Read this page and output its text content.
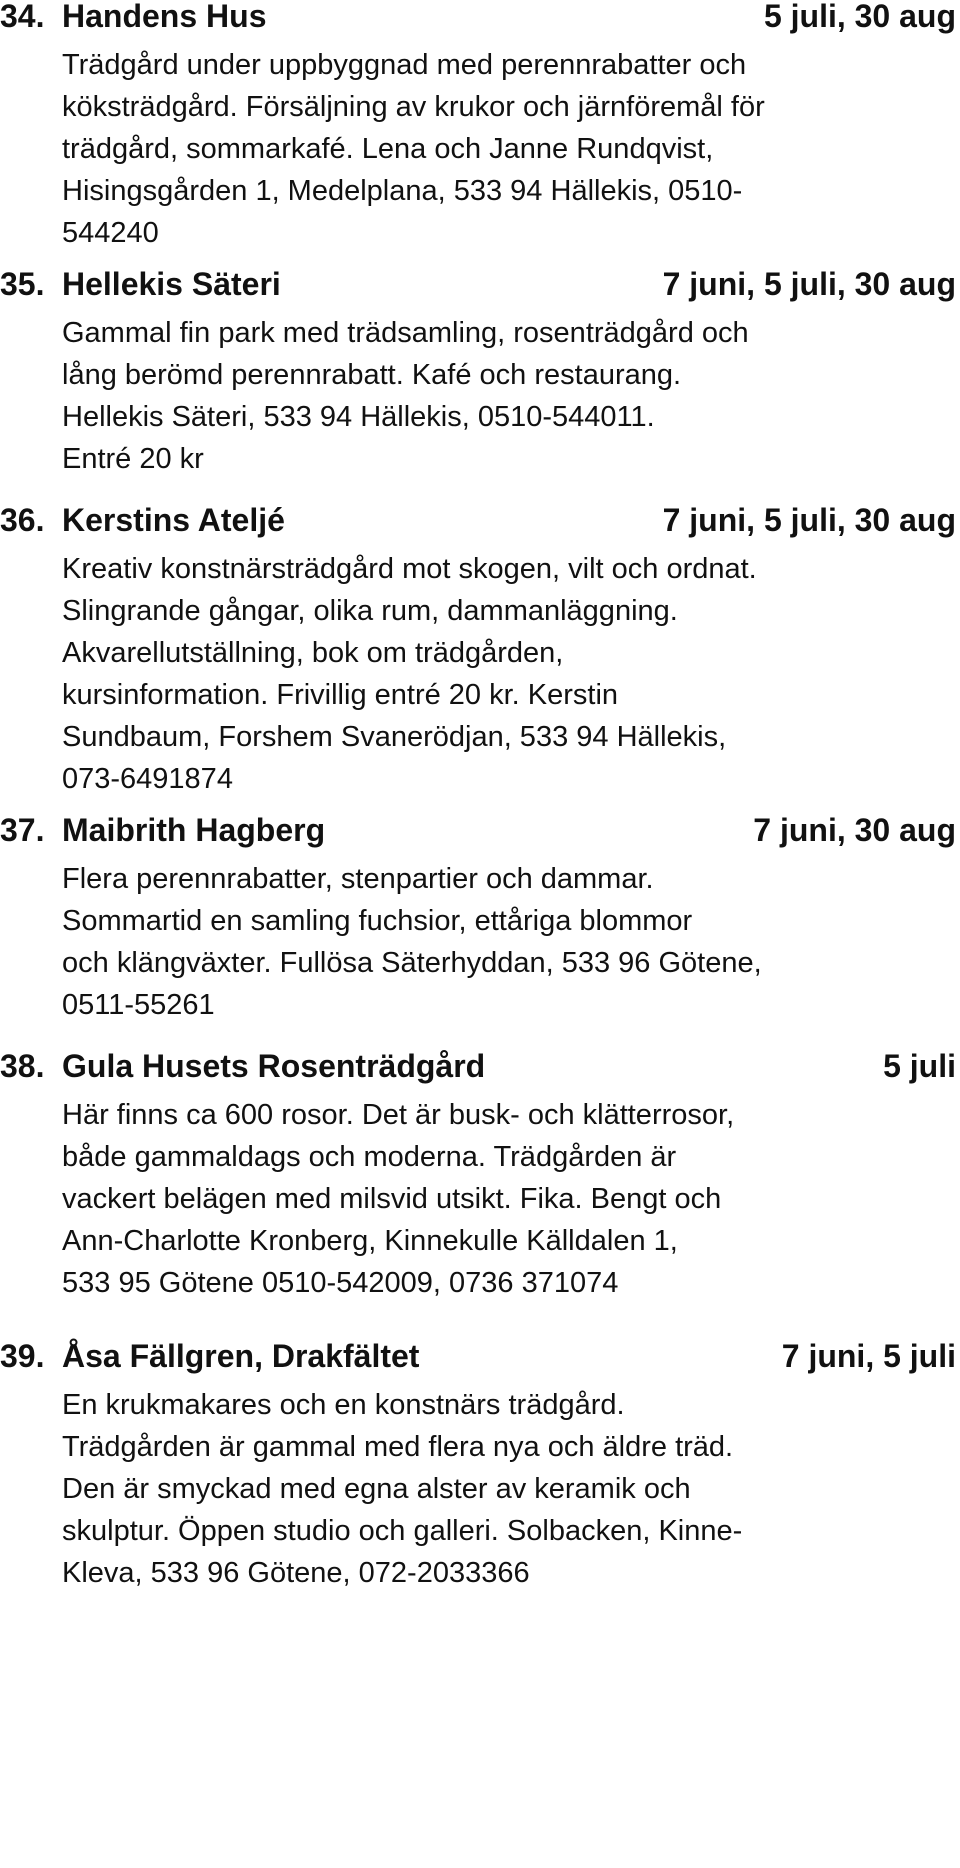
34. Handens Hus	5 juli, 30 aug
Trädgård under uppbyggnad med perennrabatter och
köksträdgård. Försäljning av krukor och järnföremål för
trädgård, sommarkafé. Lena och Janne Rundqvist,
Hisingsgården 1, Medelplana, 533 94 Hällekis, 0510-
544240
35. Hellekis Säteri	7 juni, 5 juli, 30 aug
Gammal fin park med trädsamling, rosenträdgård och
lång berömd perennrabatt. Kafé och restaurang.
Hellekis Säteri, 533 94 Hällekis, 0510-544011.
Entré 20 kr
36. Kerstins Ateljé	7 juni, 5 juli, 30 aug
Kreativ konstnärsträdgård mot skogen, vilt och ordnat.
Slingrande gångar, olika rum, dammanläggning.
Akvarellutställning, bok om trädgården,
kursinformation. Frivillig entré 20 kr. Kerstin
Sundbaum, Forshem Svanerödjan, 533 94 Hällekis,
073-6491874
37. Maibrith Hagberg	7 juni, 30 aug
Flera perennrabatter, stenpartier och dammar.
Sommartid en samling fuchsior, ettåriga blommor
och klängväxter. Fullösa Säterhyddan, 533 96 Götene,
0511-55261
38. Gula Husets Rosenträdgård	5 juli
Här finns ca 600 rosor. Det är busk- och klätterrosor,
både gammaldags och moderna. Trädgården är
vackert belägen med milsvid utsikt. Fika. Bengt och
Ann-Charlotte Kronberg, Kinnekulle Källdalen 1,
533 95 Götene 0510-542009, 0736 371074
39. Åsa Fällgren, Drakfältet	7 juni, 5 juli
En krukmakares och en konstnärs trädgård.
Trädgården är gammal med flera nya och äldre träd.
Den är smyckad med egna alster av keramik och
skulptur. Öppen studio och galleri. Solbacken, Kinne-
Kleva, 533 96 Götene, 072-2033366
